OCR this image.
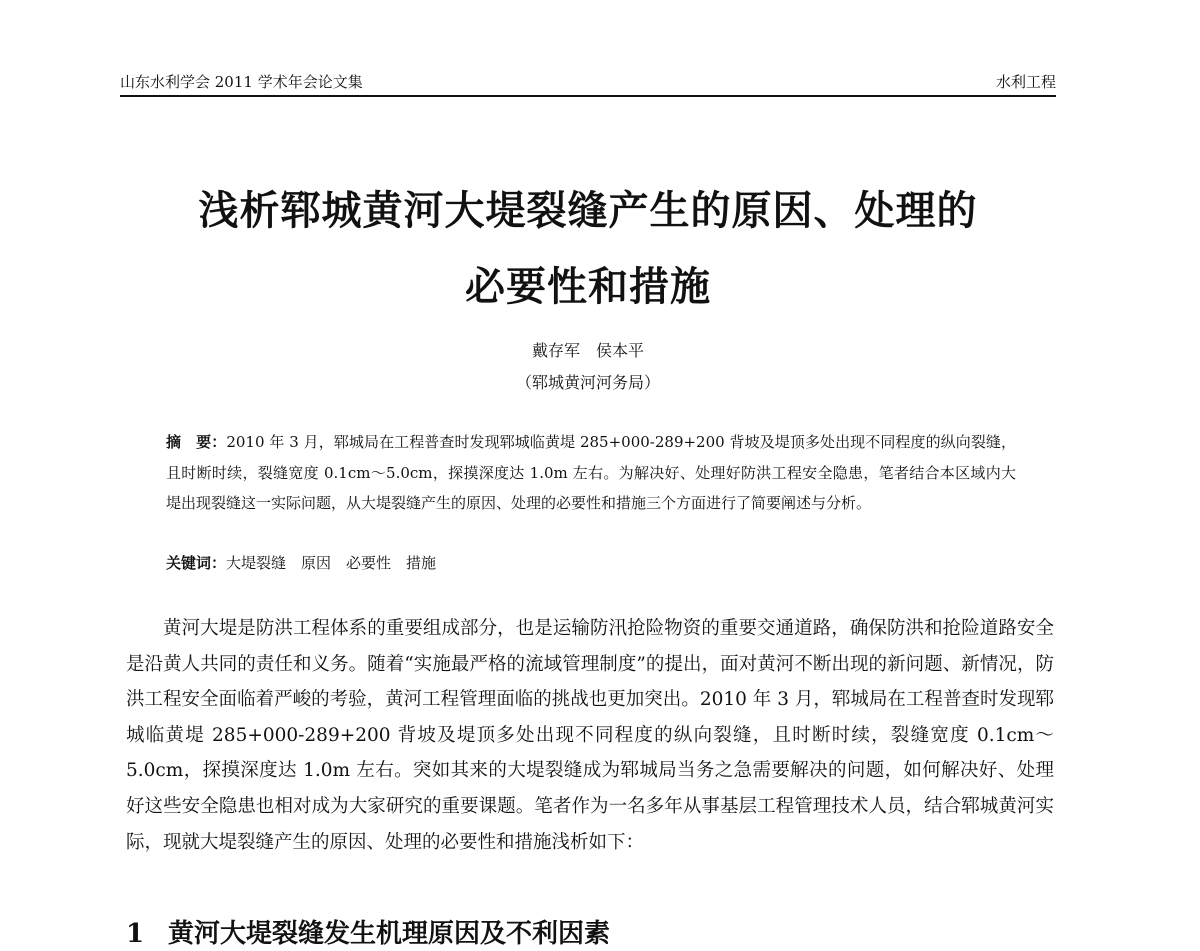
山东水利学会 2011 学术年会论文集	水利工程
浅析郓城黄河大堤裂缝产生的原因、处理的
必要性和措施
戴存军　侯本平
（郓城黄河河务局）

摘　要：2010 年 3 月，郓城局在工程普查时发现郓城临黄堤 285+000-289+200 背坡及堤顶多处出现不同程度的纵向裂缝，且时断时续，裂缝宽度 0.1cm～5.0cm，探摸深度达 1.0m 左右。为解决好、处理好防洪工程安全隐患，笔者结合本区域内大堤出现裂缝这一实际问题，从大堤裂缝产生的原因、处理的必要性和措施三个方面进行了简要阐述与分析。

关键词：大堤裂缝　原因　必要性　措施

黄河大堤是防洪工程体系的重要组成部分，也是运输防汛抢险物资的重要交通道路，确保防洪和抢险道路安全是沿黄人共同的责任和义务。随着“实施最严格的流域管理制度”的提出，面对黄河不断出现的新问题、新情况，防洪工程安全面临着严峻的考验，黄河工程管理面临的挑战也更加突出。2010 年 3 月，郓城局在工程普查时发现郓城临黄堤 285+000-289+200 背坡及堤顶多处出现不同程度的纵向裂缝，且时断时续，裂缝宽度 0.1cm～5.0cm，探摸深度达 1.0m 左右。突如其来的大堤裂缝成为郓城局当务之急需要解决的问题，如何解决好、处理好这些安全隐患也相对成为大家研究的重要课题。笔者作为一名多年从事基层工程管理技术人员，结合郓城黄河实际，现就大堤裂缝产生的原因、处理的必要性和措施浅析如下：

1 黄河大堤裂缝发生机理原因及不利因素
